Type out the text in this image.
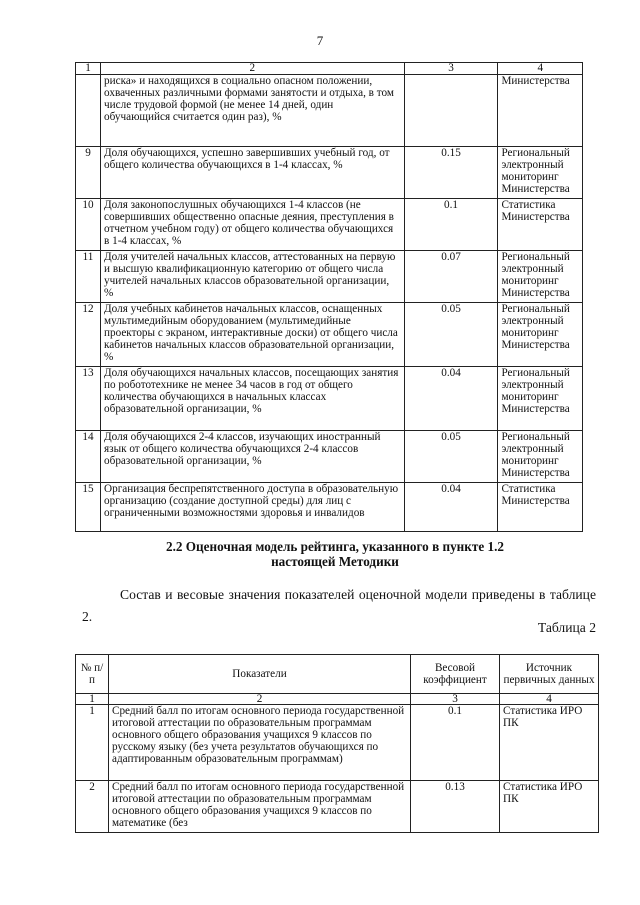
7
1	2	3	4
	риска» и находящихся в социально опасном положении, охваченных различными формами занятости и отдыха, в том числе трудовой формой (не менее 14 дней, один обучающийся считается один раз), %		Министерства
9	Доля обучающихся, успешно завершивших учебный год, от общего количества обучающихся в 1-4 классах, %	0.15	Региональный электронный мониторинг Министерства
10	Доля законопослушных обучающихся 1-4 классов (не совершивших общественно опасные деяния, преступления в отчетном учебном году) от общего количества обучающихся в 1-4 классах, %	0.1	Статистика Министерства
11	Доля учителей начальных классов, аттестованных на первую и высшую квалификационную категорию от общего числа учителей начальных классов образовательной организации, %	0.07	Региональный электронный мониторинг Министерства
12	Доля учебных кабинетов начальных классов, оснащенных мультимедийным оборудованием (мультимедийные проекторы с экраном, интерактивные доски) от общего числа кабинетов начальных классов образовательной организации, %	0.05	Региональный электронный мониторинг Министерства
13	Доля обучающихся начальных классов, посещающих занятия по робототехнике не менее 34 часов в год от общего количества обучающихся в начальных классах образовательной организации, %	0.04	Региональный электронный мониторинг Министерства
14	Доля обучающихся 2-4 классов, изучающих иностранный язык от общего количества обучающихся 2-4 классов образовательной организации, %	0.05	Региональный электронный мониторинг Министерства
15	Организация беспрепятственного доступа в образовательную организацию (создание доступной среды) для лиц с ограниченными возможностями здоровья и инвалидов	0.04	Статистика Министерства
2.2 Оценочная модель рейтинга, указанного в пункте 1.2
настоящей Методики
Состав и весовые значения показателей оценочной модели приведены в таблице 2.
Таблица 2
№ п/п	Показатели	Весовой коэффициент	Источник первичных данных
1	2	3	4
1	Средний балл по итогам основного периода государственной итоговой аттестации по образовательным программам основного общего образования учащихся 9 классов по русскому языку (без учета результатов обучающихся по адаптированным образовательным программам)	0.1	Статистика ИРО ПК
2	Средний балл по итогам основного периода государственной итоговой аттестации по образовательным программам основного общего образования учащихся 9 классов по математике (без	0.13	Статистика ИРО ПК
